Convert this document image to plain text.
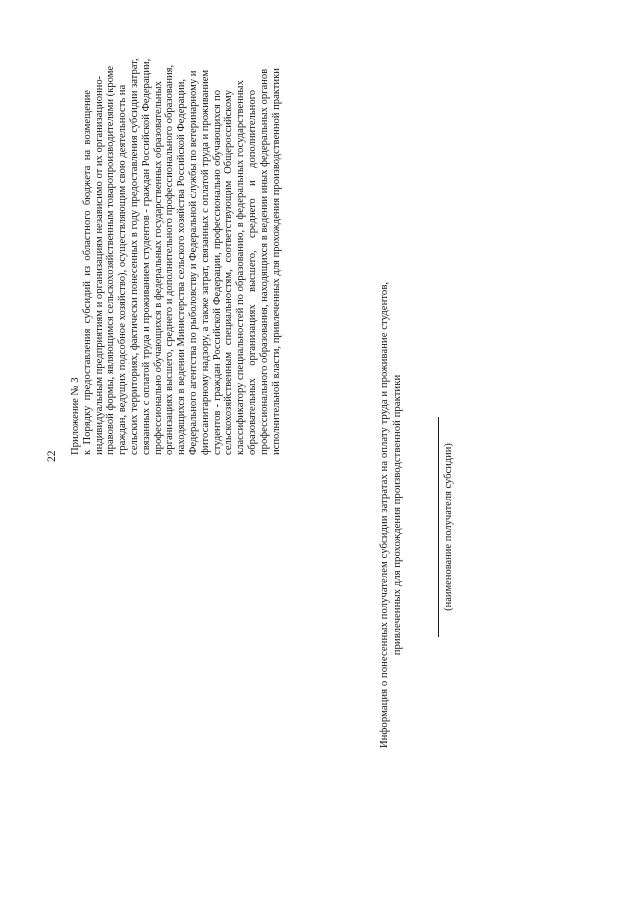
22
Приложение № 3 к Порядку предоставления субсидий из областного бюджета на возмещение индивидуальным предприятиям и организациям независимо от их организационно- правовой формы, являющимся сельскохозяйственным товаропроизводителями (кроме граждан, ведущих подсобное хозяйство), осуществляющим свою деятельность на сельских территориях, фактически понесенных в году предоставления субсидии затрат, связанных с оплатой труда и проживанием студентов - граждан Российской Федерации, профессионально обучающихся в федеральных государственных образовательных организациях высшего, среднего и дополнительного профессионального образования, находящихся в ведении Министерства сельского хозяйства Российской Федерации, Федерального агентства по рыболовству и Федеральной службы по ветеринарному и фитосанитарному надзору, а также затрат, связанных с оплатой труда и проживанием студентов - граждан Российской Федерации, профессионально обучающихся по сельскохозяйственным специальностям, соответствующим Общероссийскому классификатору специальностей по образованию, в федеральных государственных образовательных организациях высшего, среднего и дополнительного профессионального образования, находящихся в ведении иных федеральных органов исполнительной власти, привлеченных для прохождения производственной практики
Информация о понесенных получателем субсидии затратах на оплату труда и проживание студентов, привлеченных для прохождения производственной практики	(наименование получателя субсидии)
